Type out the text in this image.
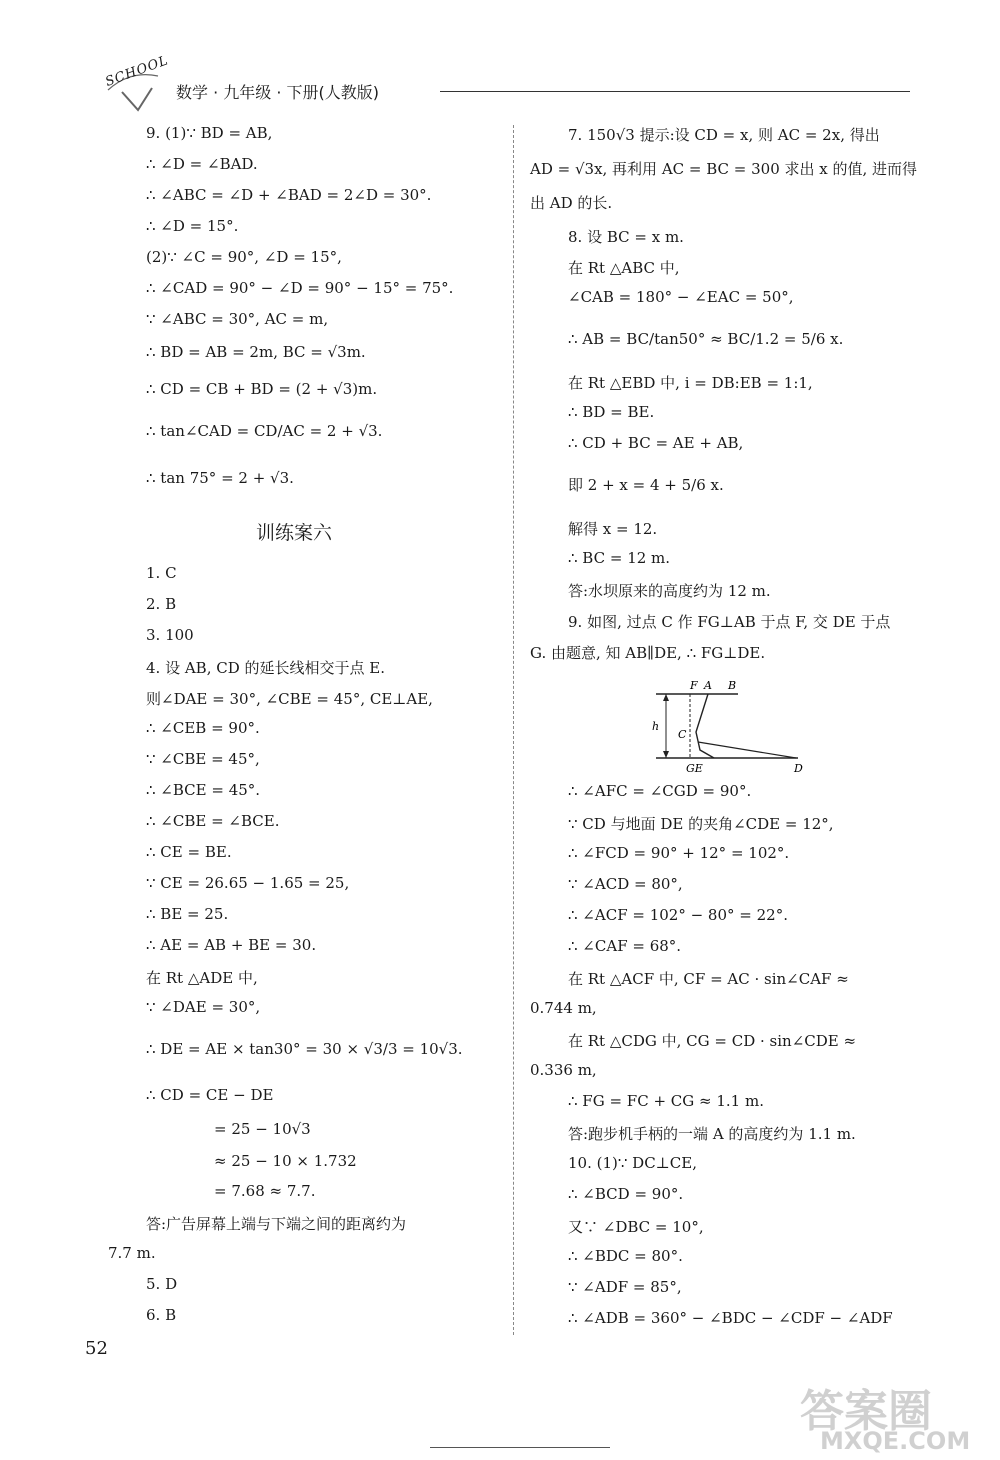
SCHOOL
数学 · 九年级 · 下册(人教版)
9. (1)∵ BD = AB,
∴ ∠D = ∠BAD.
∴ ∠ABC = ∠D + ∠BAD = 2∠D = 30°.
∴ ∠D = 15°.
(2)∵ ∠C = 90°, ∠D = 15°,
∴ ∠CAD = 90° − ∠D = 90° − 15° = 75°.
∵ ∠ABC = 30°, AC = m,
∴ BD = AB = 2m, BC = √3m.
∴ CD = CB + BD = (2 + √3)m.
∴ tan∠CAD = CD/AC = 2 + √3.
∴ tan 75° = 2 + √3.
训练案六
1. C
2. B
3. 100
4. 设 AB, CD 的延长线相交于点 E.
则∠DAE = 30°, ∠CBE = 45°, CE⊥AE,
∴ ∠CEB = 90°.
∵ ∠CBE = 45°,
∴ ∠BCE = 45°.
∴ ∠CBE = ∠BCE.
∴ CE = BE.
∵ CE = 26.65 − 1.65 = 25,
∴ BE = 25.
∴ AE = AB + BE = 30.
在 Rt △ADE 中,
∵ ∠DAE = 30°,
∴ DE = AE × tan30° = 30 × √3/3 = 10√3.
∴ CD = CE − DE
= 25 − 10√3
≈ 25 − 10 × 1.732
= 7.68 ≈ 7.7.
答:广告屏幕上端与下端之间的距离约为
7.7 m.
5. D
6. B
7. 150√3 提示:设 CD = x, 则 AC = 2x, 得出
AD = √3x, 再利用 AC = BC = 300 求出 x 的值, 进而得
出 AD 的长.
8. 设 BC = x m.
在 Rt △ABC 中,
∠CAB = 180° − ∠EAC = 50°,
∴ AB = BC/tan50° ≈ BC/1.2 = 5/6 x.
在 Rt △EBD 中, i = DB:EB = 1:1,
∴ BD = BE.
∴ CD + BC = AE + AB,
即 2 + x = 4 + 5/6 x.
解得 x = 12.
∴ BC = 12 m.
答:水坝原来的高度约为 12 m.
9. 如图, 过点 C 作 FG⊥AB 于点 F, 交 DE 于点
G. 由题意, 知 AB∥DE, ∴ FG⊥DE.
∴ ∠AFC = ∠CGD = 90°.
∵ CD 与地面 DE 的夹角∠CDE = 12°,
∴ ∠FCD = 90° + 12° = 102°.
∵ ∠ACD = 80°,
∴ ∠ACF = 102° − 80° = 22°.
∴ ∠CAF = 68°.
在 Rt △ACF 中, CF = AC · sin∠CAF ≈
0.744 m,
在 Rt △CDG 中, CG = CD · sin∠CDE ≈
0.336 m,
∴ FG = FC + CG ≈ 1.1 m.
答:跑步机手柄的一端 A 的高度约为 1.1 m.
10. (1)∵ DC⊥CE,
∴ ∠BCD = 90°.
又∵ ∠DBC = 10°,
∴ ∠BDC = 80°.
∵ ∠ADF = 85°,
∴ ∠ADB = 360° − ∠BDC − ∠CDF − ∠ADF
F A B
h
C
GE	D
52
答案圈
MXQE.COM
